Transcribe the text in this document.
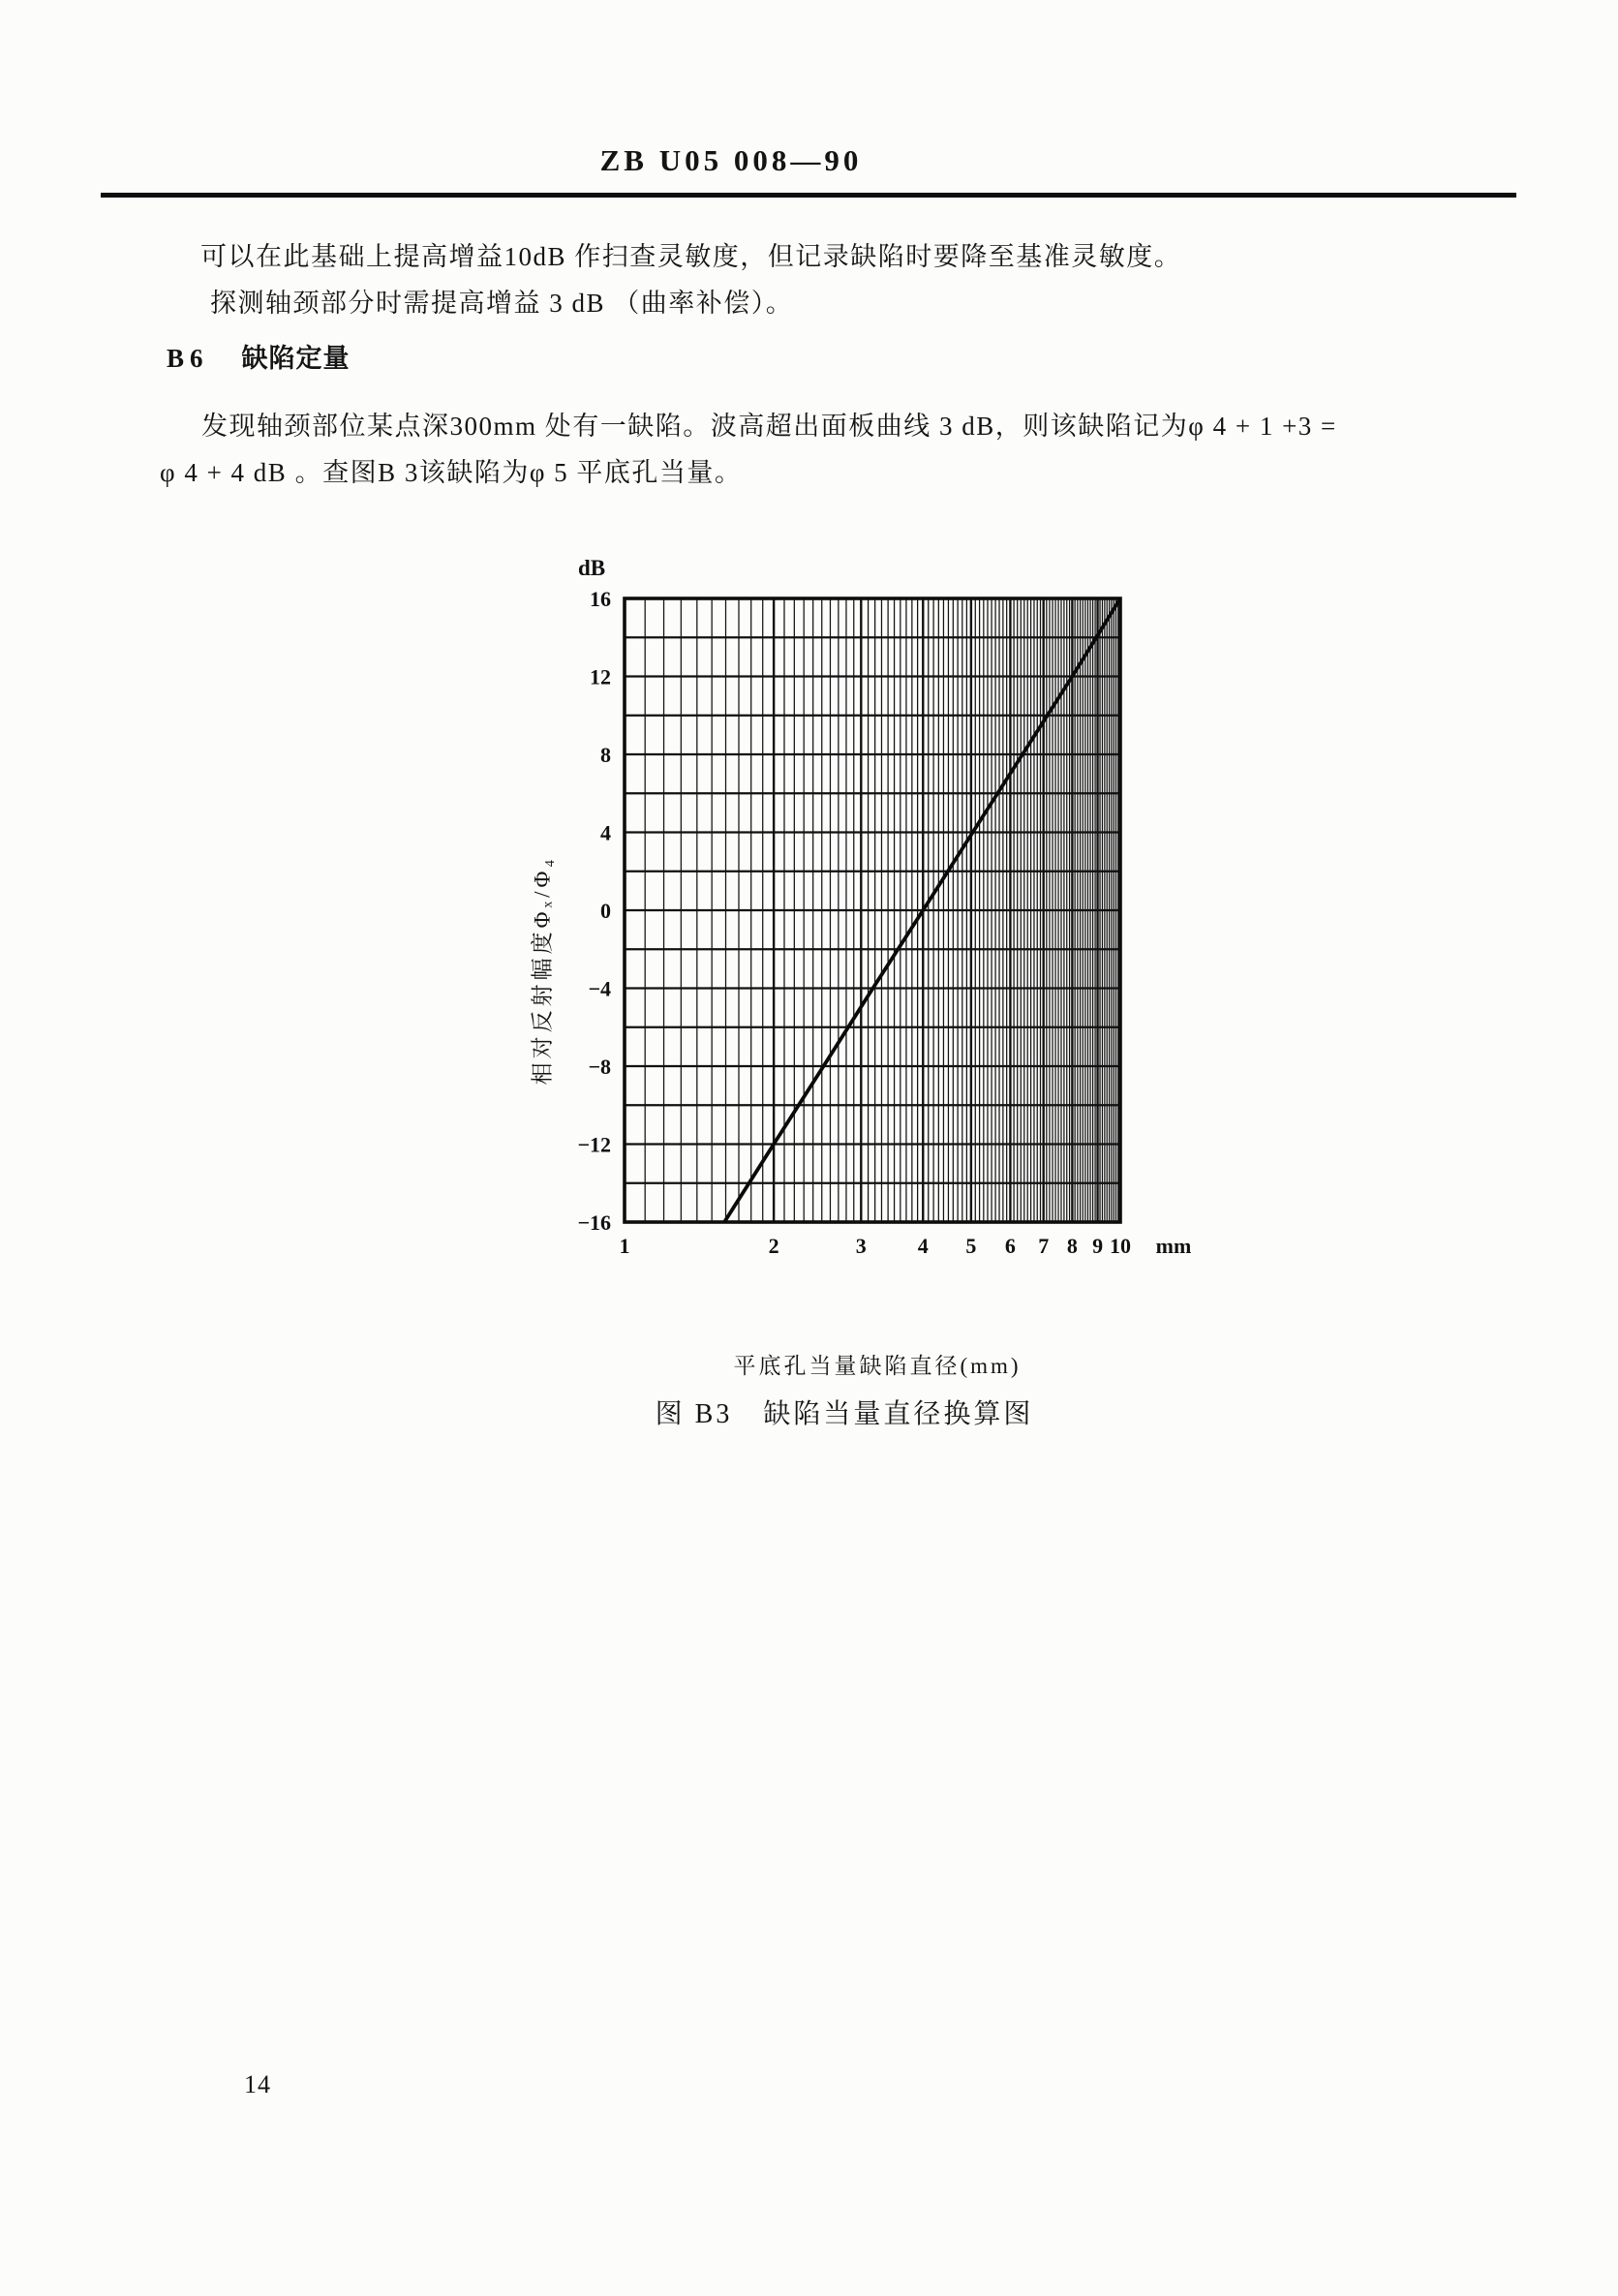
ZB U05 008—90
可以在此基础上提高增益10dB 作扫查灵敏度，但记录缺陷时要降至基准灵敏度。
探测轴颈部分时需提高增益 3 dB （曲率补偿）。
B6 缺陷定量
发现轴颈部位某点深300mm 处有一缺陷。波高超出面板曲线 3 dB，则该缺陷记为φ 4 + 1 +3 =
φ 4 + 4 dB 。查图B 3该缺陷为φ 5 平底孔当量。
16
12
8
4
0
−4
−8
−12
−16
dB
1	2	3 4 5 6 7 8 9 10 mm
相对反射幅度Φₓ/Φ₄
平底孔当量缺陷直径(mm)
图 B3 缺陷当量直径换算图
14
